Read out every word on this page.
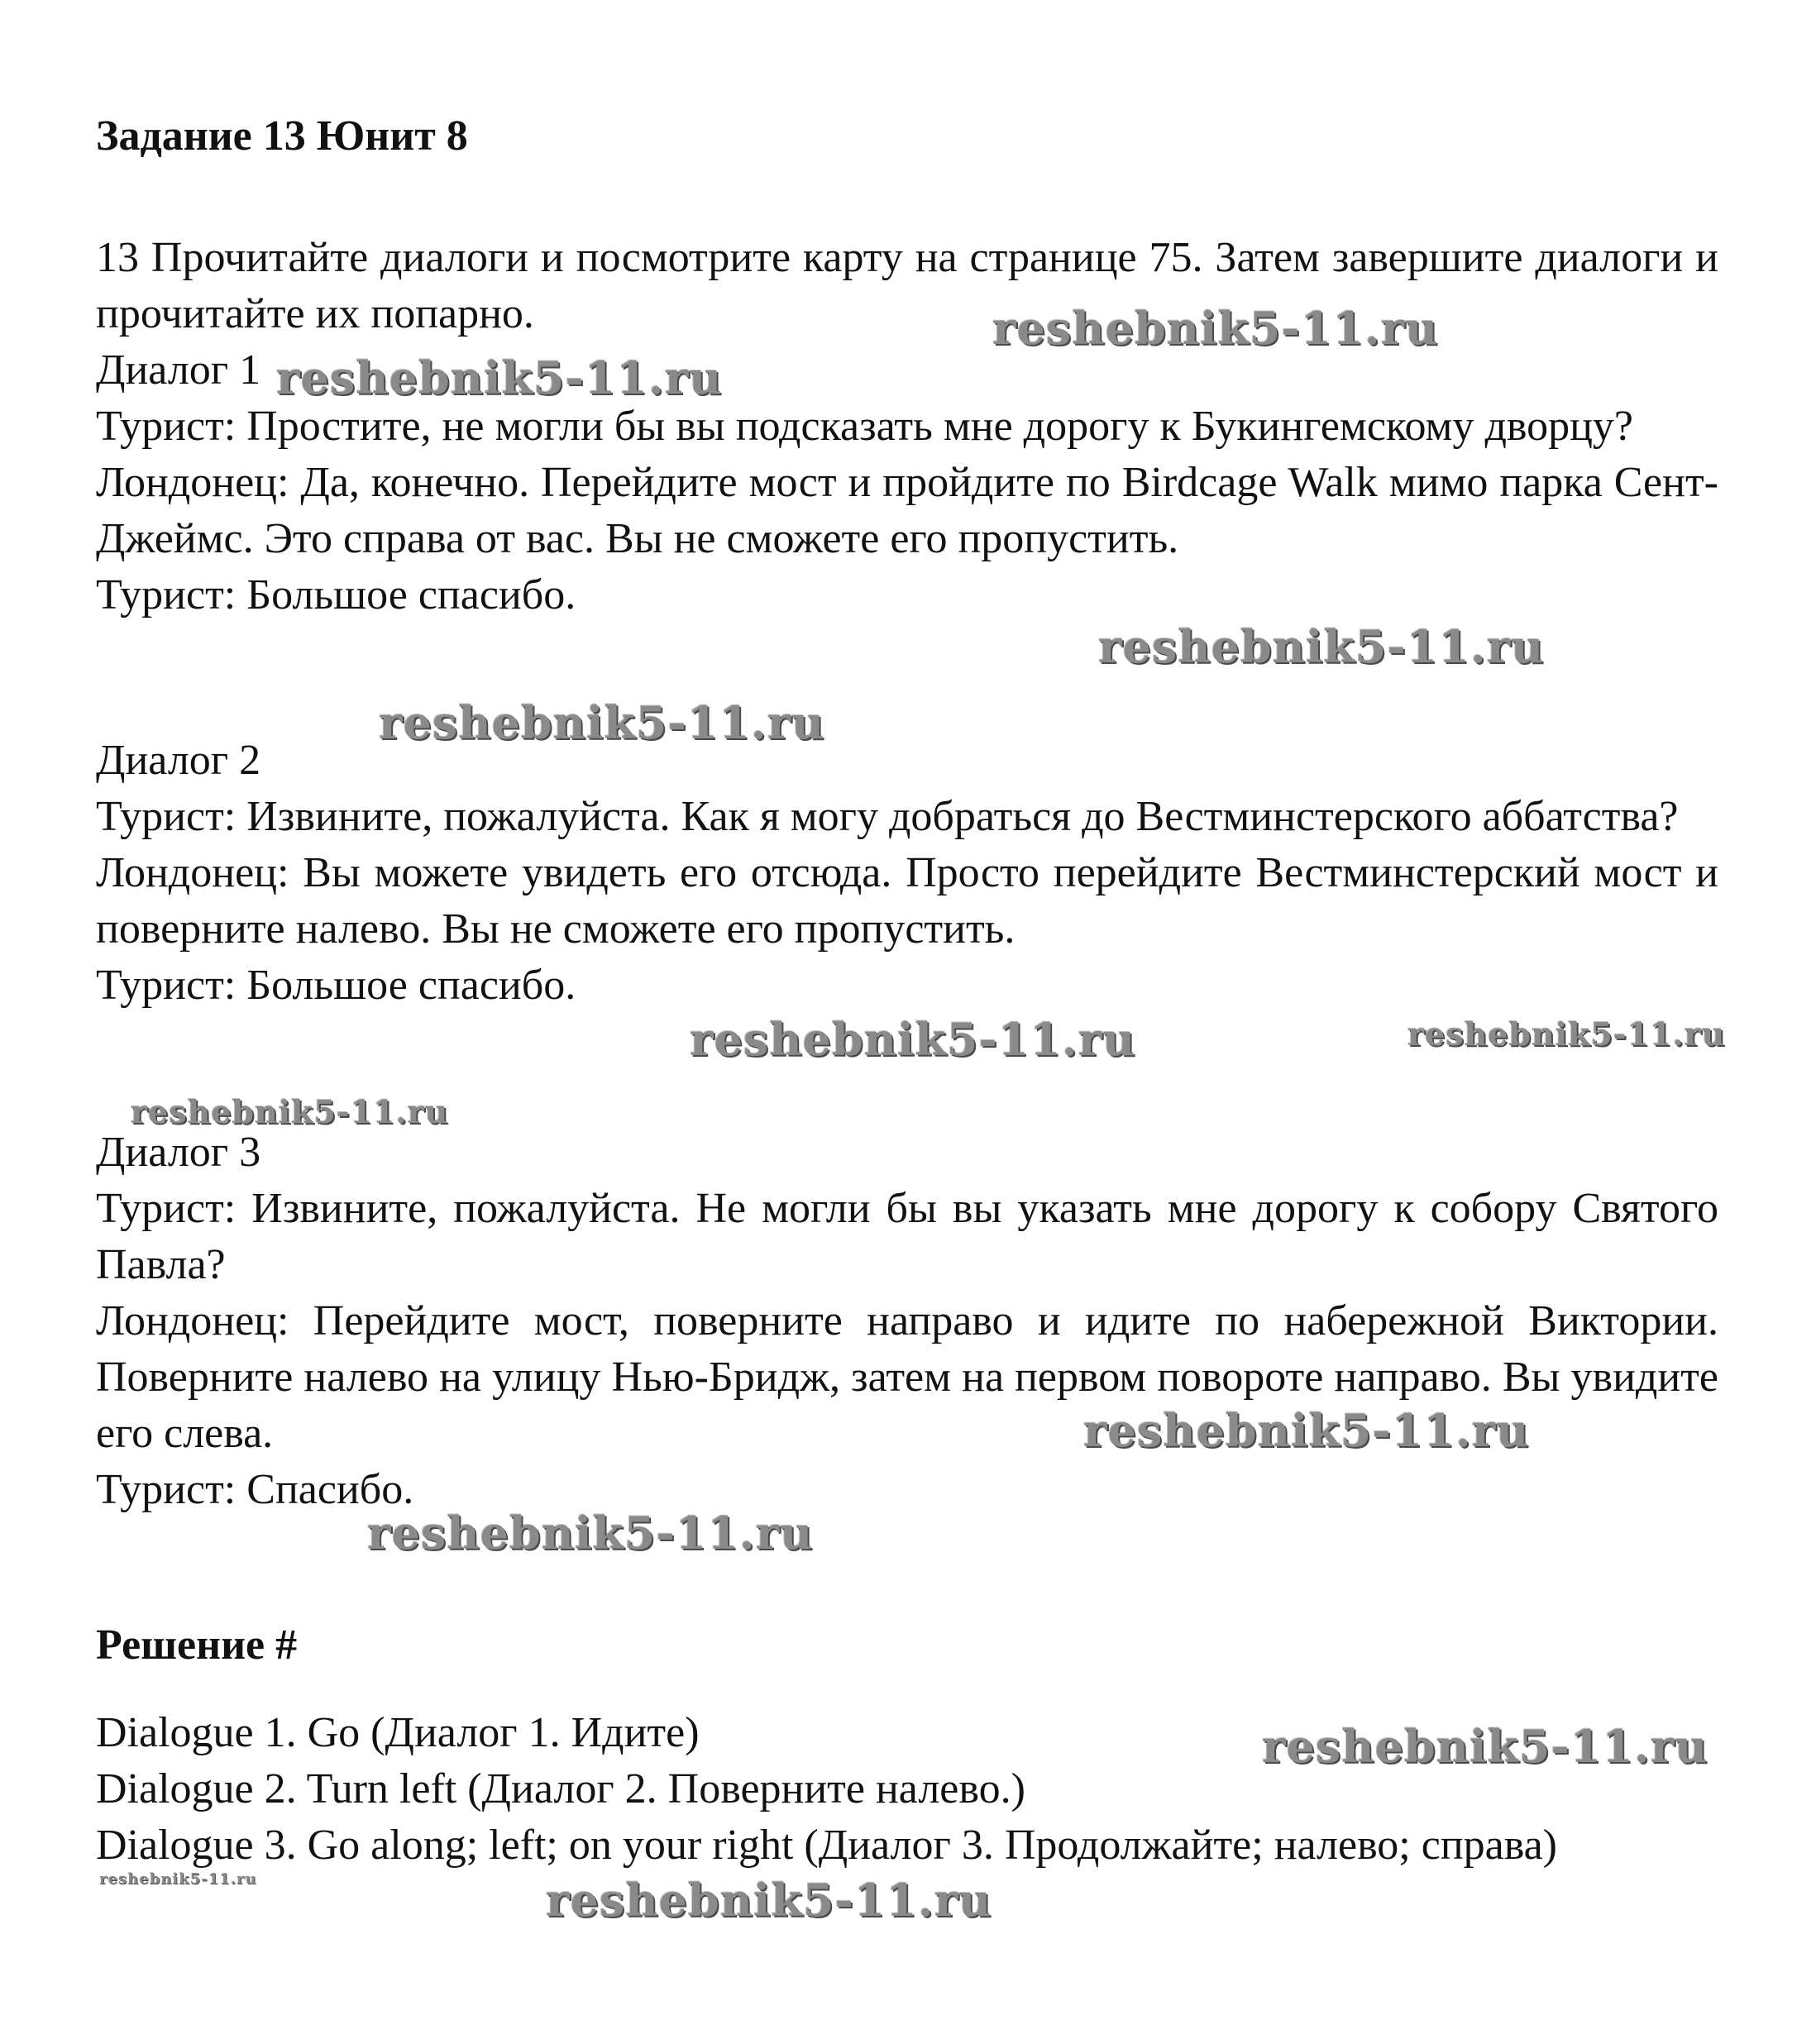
Задание 13 Юнит 8

13 Прочитайте диалоги и посмотрите карту на странице 75. Затем завершите диалоги и прочитайте их попарно.

Диалог 1

Турист: Простите, не могли бы вы подсказать мне дорогу к Букингемскому дворцу?

Лондонец: Да, конечно. Перейдите мост и пройдите по Birdcage Walk мимо парка Сент-Джеймс. Это справа от вас. Вы не сможете его пропустить.

Турист: Большое спасибо.

Диалог 2

Турист: Извините, пожалуйста. Как я могу добраться до Вестминстерского аббатства?

Лондонец: Вы можете увидеть его отсюда. Просто перейдите Вестминстерский мост и поверните налево. Вы не сможете его пропустить.

Турист: Большое спасибо.

Диалог 3

Турист: Извините, пожалуйста. Не могли бы вы указать мне дорогу к собору Святого Павла?

Лондонец: Перейдите мост, поверните направо и идите по набережной Виктории. Поверните налево на улицу Нью-Бридж, затем на первом повороте направо. Вы увидите его слева.

Турист: Спасибо.

Решение #

Dialogue 1. Go (Диалог 1. Идите)

Dialogue 2. Turn left (Диалог 2. Поверните налево.)

Dialogue 3. Go along; left; on your right (Диалог 3. Продолжайте; налево; справа)

reshebnik5-11.ru
reshebnik5-11.ru
reshebnik5-11.ru
reshebnik5-11.ru
reshebnik5-11.ru	reshebnik5-11.ru
reshebnik5-11.ru
reshebnik5-11.ru
reshebnik5-11.ru
reshebnik5-11.ru
reshebnik5-11.ru	reshebnik5-11.ru
